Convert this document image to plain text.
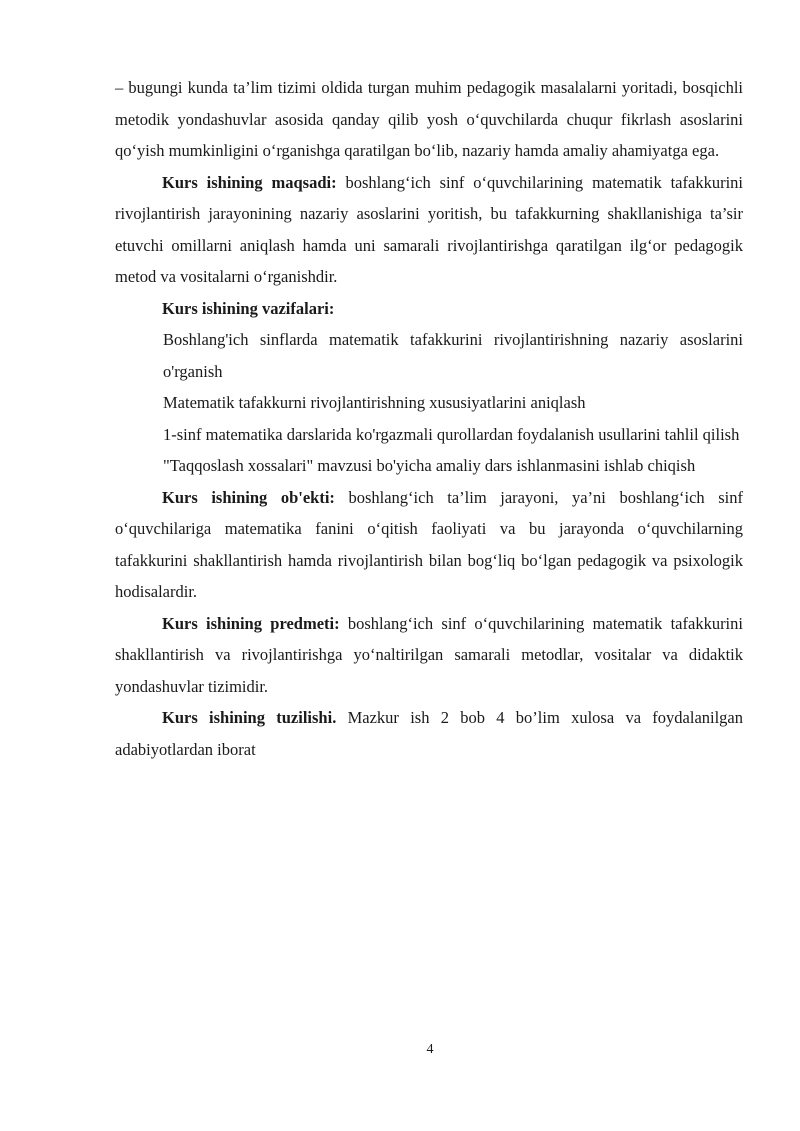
– bugungi kunda ta’lim tizimi oldida turgan muhim pedagogik masalalarni yoritadi, bosqichli metodik yondashuvlar asosida qanday qilib yosh o‘quvchilarda chuqur fikrlash asoslarini qo‘yish mumkinligini o‘rganishga qaratilgan bo‘lib, nazariy hamda amaliy ahamiyatga ega.

Kurs ishining maqsadi: boshlang‘ich sinf o‘quvchilarining matematik tafakkurini rivojlantirish jarayonining nazariy asoslarini yoritish, bu tafakkurning shakllanishiga ta’sir etuvchi omillarni aniqlash hamda uni samarali rivojlantirishga qaratilgan ilg‘or pedagogik metod va vositalarni o‘rganishdir.

Kurs ishining vazifalari:

Boshlang'ich sinflarda matematik tafakkurini rivojlantirishning nazariy asoslarini o'rganish
Matematik tafakkurni rivojlantirishning xususiyatlarini aniqlash
1-sinf matematika darslarida ko'rgazmali qurollardan foydalanish usullarini tahlil qilish
"Taqqoslash xossalari" mavzusi bo'yicha amaliy dars ishlanmasini ishlab chiqish

Kurs ishining ob'ekti: boshlang‘ich ta’lim jarayoni, ya’ni boshlang‘ich sinf o‘quvchilariga matematika fanini o‘qitish faoliyati va bu jarayonda o‘quvchilarning tafakkurini shakllantirish hamda rivojlantirish bilan bog‘liq bo‘lgan pedagogik va psixologik hodisalardir.

Kurs ishining predmeti: boshlang‘ich sinf o‘quvchilarining matematik tafakkurini shakllantirish va rivojlantirishga yo‘naltirilgan samarali metodlar, vositalar va didaktik yondashuvlar tizimidir.

Kurs ishining tuzilishi. Mazkur ish 2 bob 4 bo’lim xulosa va foydalanilgan adabiyotlardan iborat

4
